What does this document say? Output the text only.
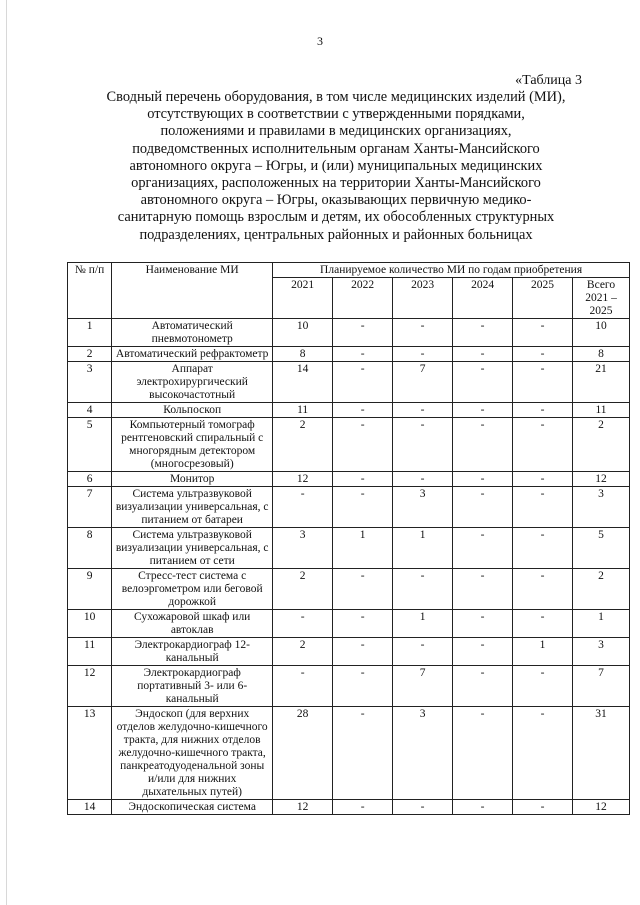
3
«Таблица 3
Сводный перечень оборудования, в том числе медицинских изделий (МИ),
отсутствующих в соответствии с утвержденными порядками,
положениями и правилами в медицинских организациях,
подведомственных исполнительным органам Ханты-Мансийского
автономного округа – Югры, и (или) муниципальных медицинских
организациях, расположенных на территории Ханты-Мансийского
автономного округа – Югры, оказывающих первичную медико-
санитарную помощь взрослым и детям, их обособленных структурных
подразделениях, центральных районных и районных больницах
№ п/п	Наименование МИ	Планируемое количество МИ по годам приобретения					
		2021	2022	2023	2024	2025	Всего 2021 – 2025
1	Автоматический пневмотонометр	10	-	-	-	-	10
2	Автоматический рефрактометр	8	-	-	-	-	8
3	Аппарат электрохирургический высокочастотный	14	-	7	-	-	21
4	Кольпоскоп	11	-	-	-	-	11
5	Компьютерный томограф рентгеновский спиральный с многорядным детектором (многосрезовый)	2	-	-	-	-	2
6	Монитор	12	-	-	-	-	12
7	Система ультразвуковой визуализации универсальная, с питанием от батареи	-	-	3	-	-	3
8	Система ультразвуковой визуализации универсальная, с питанием от сети	3	1	1	-	-	5
9	Стресс-тест система с велоэргометром или беговой дорожкой	2	-	-	-	-	2
10	Сухожаровой шкаф или автоклав	-	-	1	-	-	1
11	Электрокардиограф 12-канальный	2	-	-	-	1	3
12	Электрокардиограф портативный 3- или 6-канальный	-	-	7	-	-	7
13	Эндоскоп (для верхних отделов желудочно-кишечного тракта, для нижних отделов желудочно-кишечного тракта, панкреатодуоденальной зоны и/или для нижних дыхательных путей)	28	-	3	-	-	31
14	Эндоскопическая система	12	-	-	-	-	12
